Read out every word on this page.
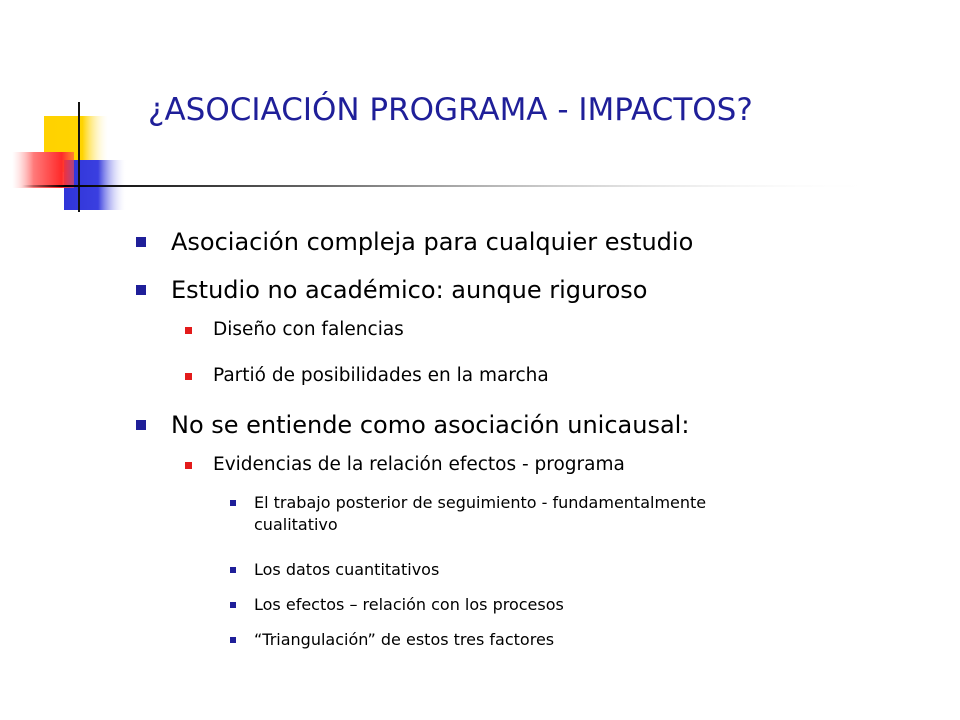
¿ASOCIACIÓN PROGRAMA - IMPACTOS?
Asociación compleja para cualquier estudio
Estudio no académico: aunque riguroso
Diseño con falencias
Partió de posibilidades en la marcha
No se entiende como asociación unicausal:
Evidencias de la relación efectos - programa
El trabajo posterior de seguimiento - fundamentalmente
cualitativo
Los datos cuantitativos
Los efectos – relación con los procesos
“Triangulación” de estos tres factores
